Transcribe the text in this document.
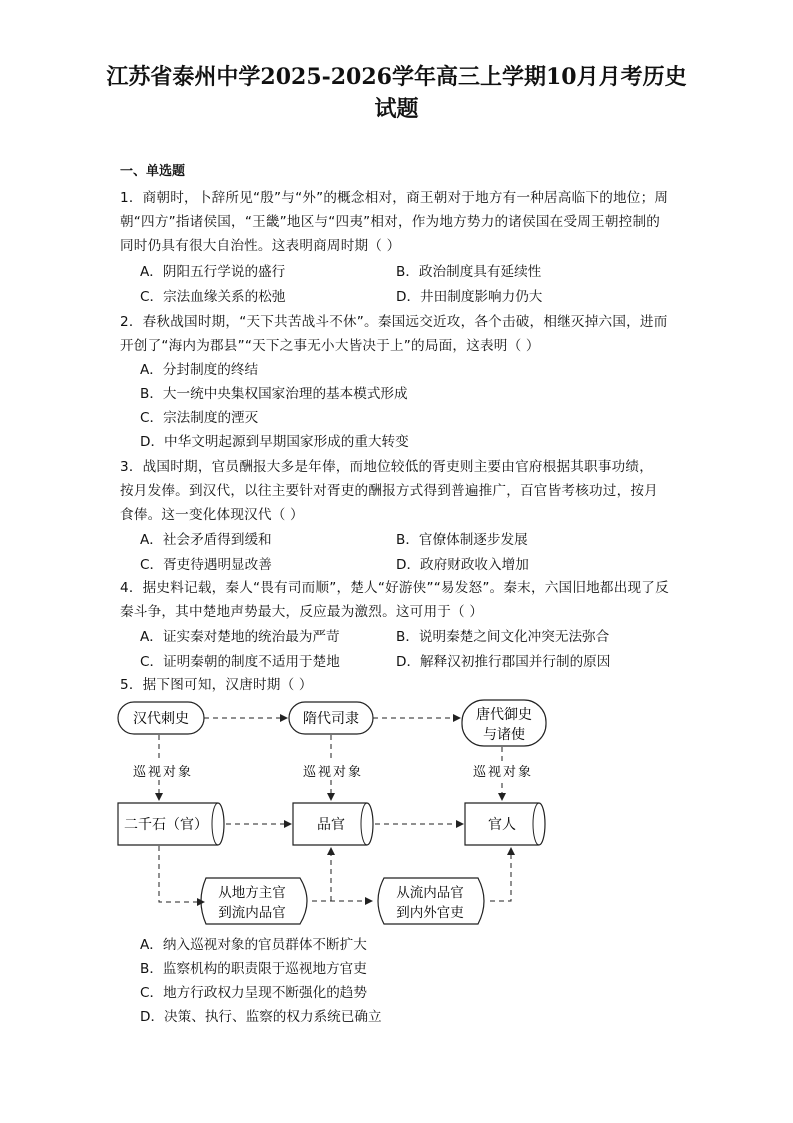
江苏省泰州中学2025-2026学年高三上学期10月月考历史
试题
一、单选题
1．商朝时，卜辞所见“殷”与“外”的概念相对，商王朝对于地方有一种居高临下的地位；周
朝“四方”指诸侯国，“王畿”地区与“四夷”相对，作为地方势力的诸侯国在受周王朝控制的
同时仍具有很大自治性。这表明商周时期（ ）
A．阴阳五行学说的盛行	B．政治制度具有延续性
C．宗法血缘关系的松弛	D．井田制度影响力仍大
2．春秋战国时期，“天下共苦战斗不休”。秦国远交近攻，各个击破，相继灭掉六国，进而
开创了“海内为郡县”“天下之事无小大皆决于上”的局面，这表明（ ）
A．分封制度的终结
B．大一统中央集权国家治理的基本模式形成
C．宗法制度的湮灭
D．中华文明起源到早期国家形成的重大转变
3．战国时期，官员酬报大多是年俸，而地位较低的胥吏则主要由官府根据其职事功绩，
按月发俸。到汉代，以往主要针对胥吏的酬报方式得到普遍推广，百官皆考核功过，按月
食俸。这一变化体现汉代（ ）
A．社会矛盾得到缓和	B．官僚体制逐步发展
C．胥吏待遇明显改善	D．政府财政收入增加
4．据史料记载，秦人“畏有司而顺”，楚人“好游侠”“易发怒”。秦末，六国旧地都出现了反
秦斗争，其中楚地声势最大，反应最为激烈。这可用于（ ）
A．证实秦对楚地的统治最为严苛	B．说明秦楚之间文化冲突无法弥合
C．证明秦朝的制度不适用于楚地	D．解释汉初推行郡国并行制的原因
5．据下图可知，汉唐时期（ ）
汉代刺史	隋代司隶	唐代御史
与诸使
巡视对象	巡视对象	巡视对象
二千石（官）	品官	官人
从地方主官
到流内品官
从流内品官
到内外官吏
A．纳入巡视对象的官员群体不断扩大
B．监察机构的职责限于巡视地方官吏
C．地方行政权力呈现不断强化的趋势
D．决策、执行、监察的权力系统已确立
